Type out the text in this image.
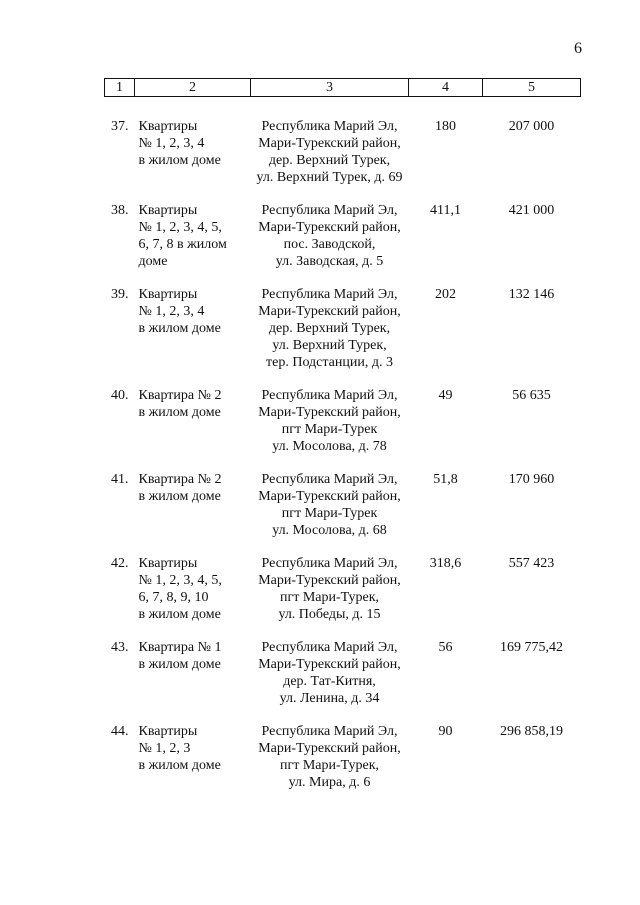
6
1	2	3	4	5
37.	Квартиры
№ 1, 2, 3, 4
в жилом доме	Республика Марий Эл,
Мари-Турекский район,
дер. Верхний Турек,
ул. Верхний Турек, д. 69	180	207 000
38.	Квартиры
№ 1, 2, 3, 4, 5,
6, 7, 8 в жилом
доме	Республика Марий Эл,
Мари-Турекский район,
пос. Заводской,
ул. Заводская, д. 5	411,1	421 000
39.	Квартиры
№ 1, 2, 3, 4
в жилом доме	Республика Марий Эл,
Мари-Турекский район,
дер. Верхний Турек,
ул. Верхний Турек,
тер. Подстанции, д. 3	202	132 146
40.	Квартира № 2
в жилом доме	Республика Марий Эл,
Мари-Турекский район,
пгт Мари-Турек
ул. Мосолова, д. 78	49	56 635
41.	Квартира № 2
в жилом доме	Республика Марий Эл,
Мари-Турекский район,
пгт Мари-Турек
ул. Мосолова, д. 68	51,8	170 960
42.	Квартиры
№ 1, 2, 3, 4, 5,
6, 7, 8, 9, 10
в жилом доме	Республика Марий Эл,
Мари-Турекский район,
пгт Мари-Турек,
ул. Победы, д. 15	318,6	557 423
43.	Квартира № 1
в жилом доме	Республика Марий Эл,
Мари-Турекский район,
дер. Тат-Китня,
ул. Ленина, д. 34	56	169 775,42
44.	Квартиры
№ 1, 2, 3
в жилом доме	Республика Марий Эл,
Мари-Турекский район,
пгт Мари-Турек,
ул. Мира, д. 6	90	296 858,19
